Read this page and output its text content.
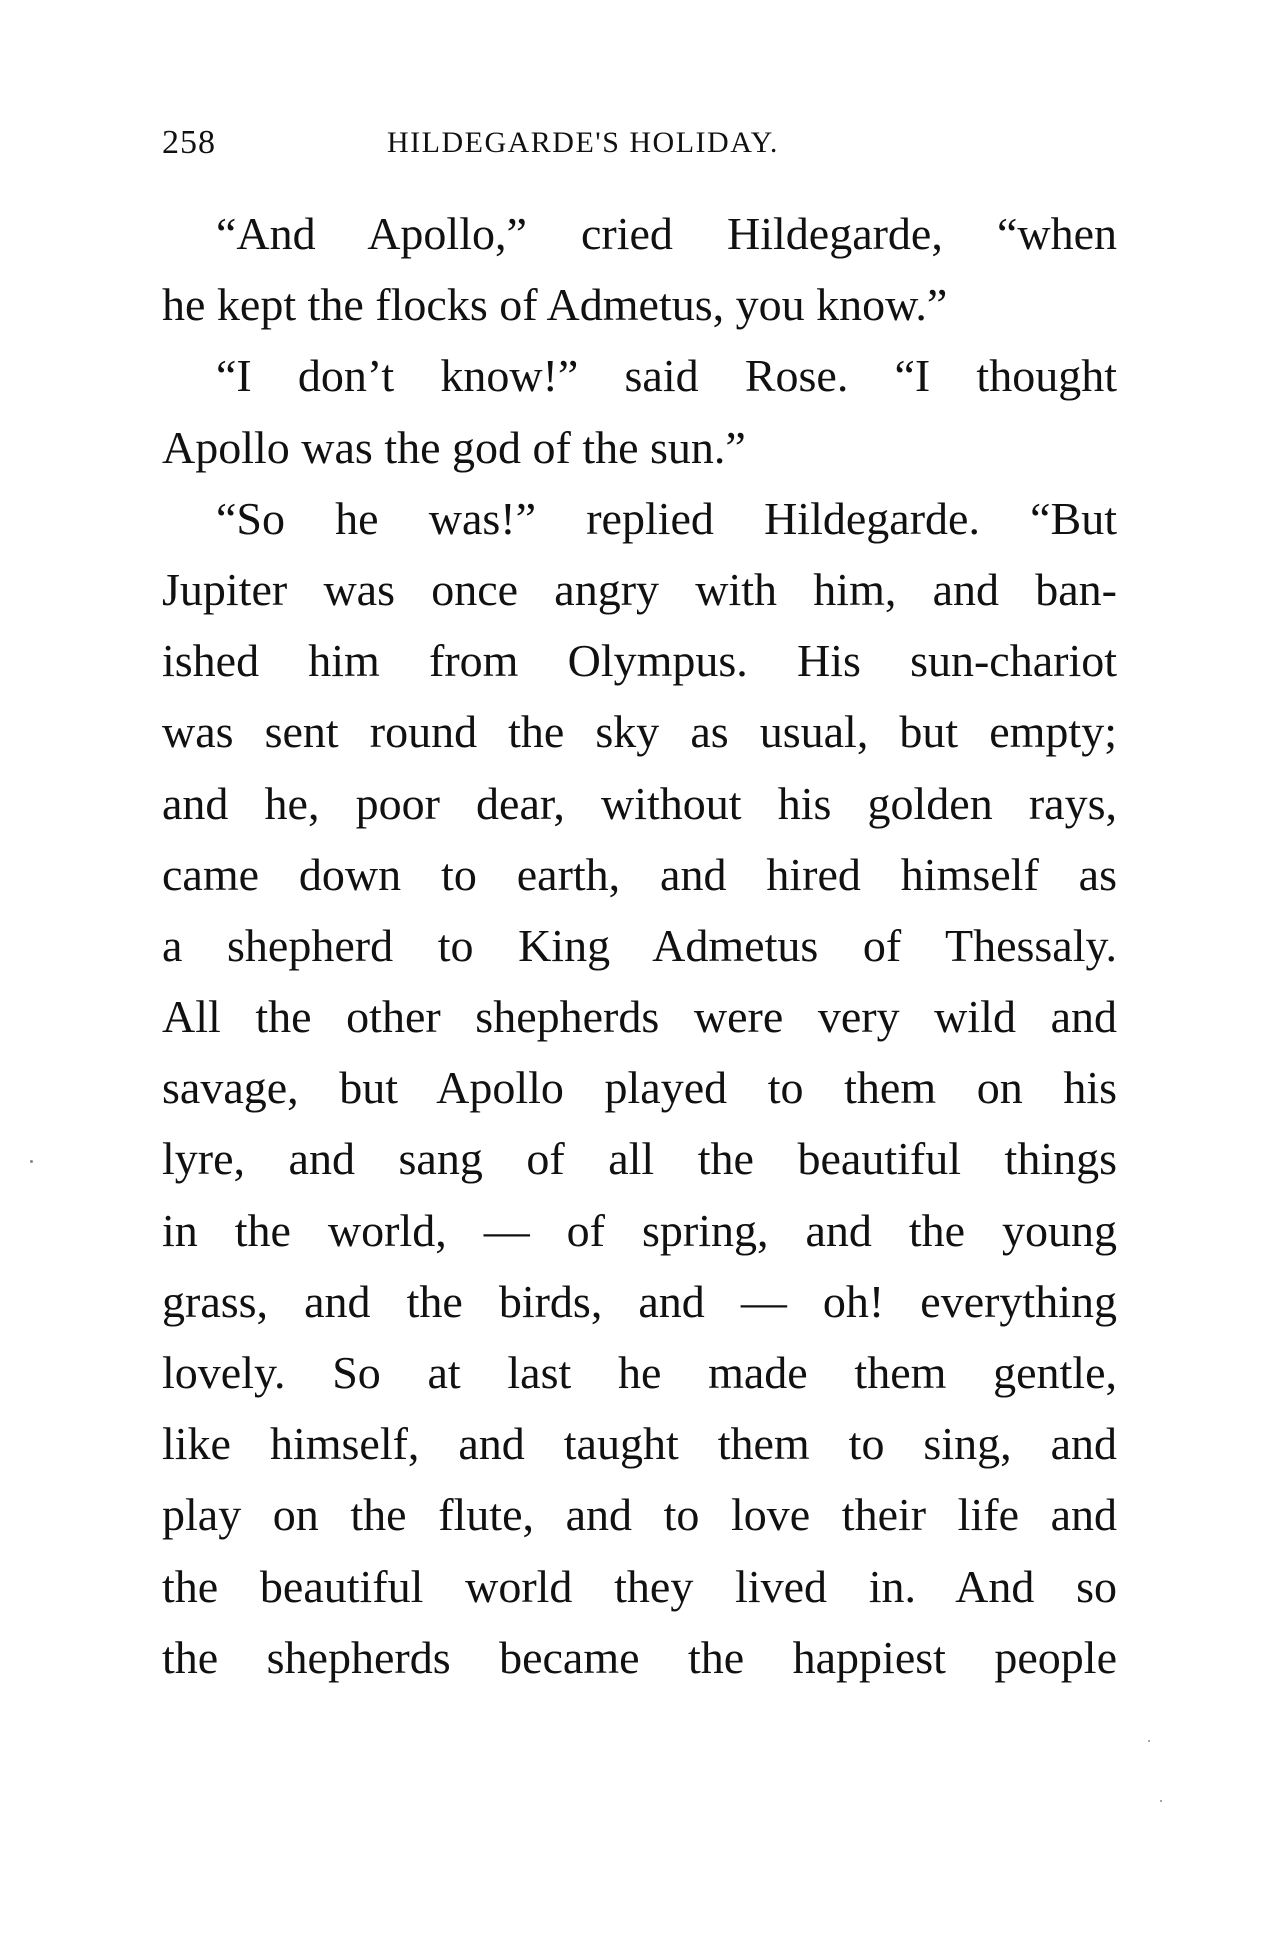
258	HILDEGARDE'S HOLIDAY.
“And Apollo,” cried Hildegarde, “when
he kept the flocks of Admetus, you know.”
“I don’t know!” said Rose. “I thought
Apollo was the god of the sun.”
“So he was!” replied Hildegarde. “But
Jupiter was once angry with him, and ban-
ished him from Olympus. His sun-chariot
was sent round the sky as usual, but empty;
and he, poor dear, without his golden rays,
came down to earth, and hired himself as
a shepherd to King Admetus of Thessaly.
All the other shepherds were very wild and
savage, but Apollo played to them on his
lyre, and sang of all the beautiful things
in the world, — of spring, and the young
grass, and the birds, and — oh! everything
lovely. So at last he made them gentle,
like himself, and taught them to sing, and
play on the flute, and to love their life and
the beautiful world they lived in. And so
the shepherds became the happiest people
